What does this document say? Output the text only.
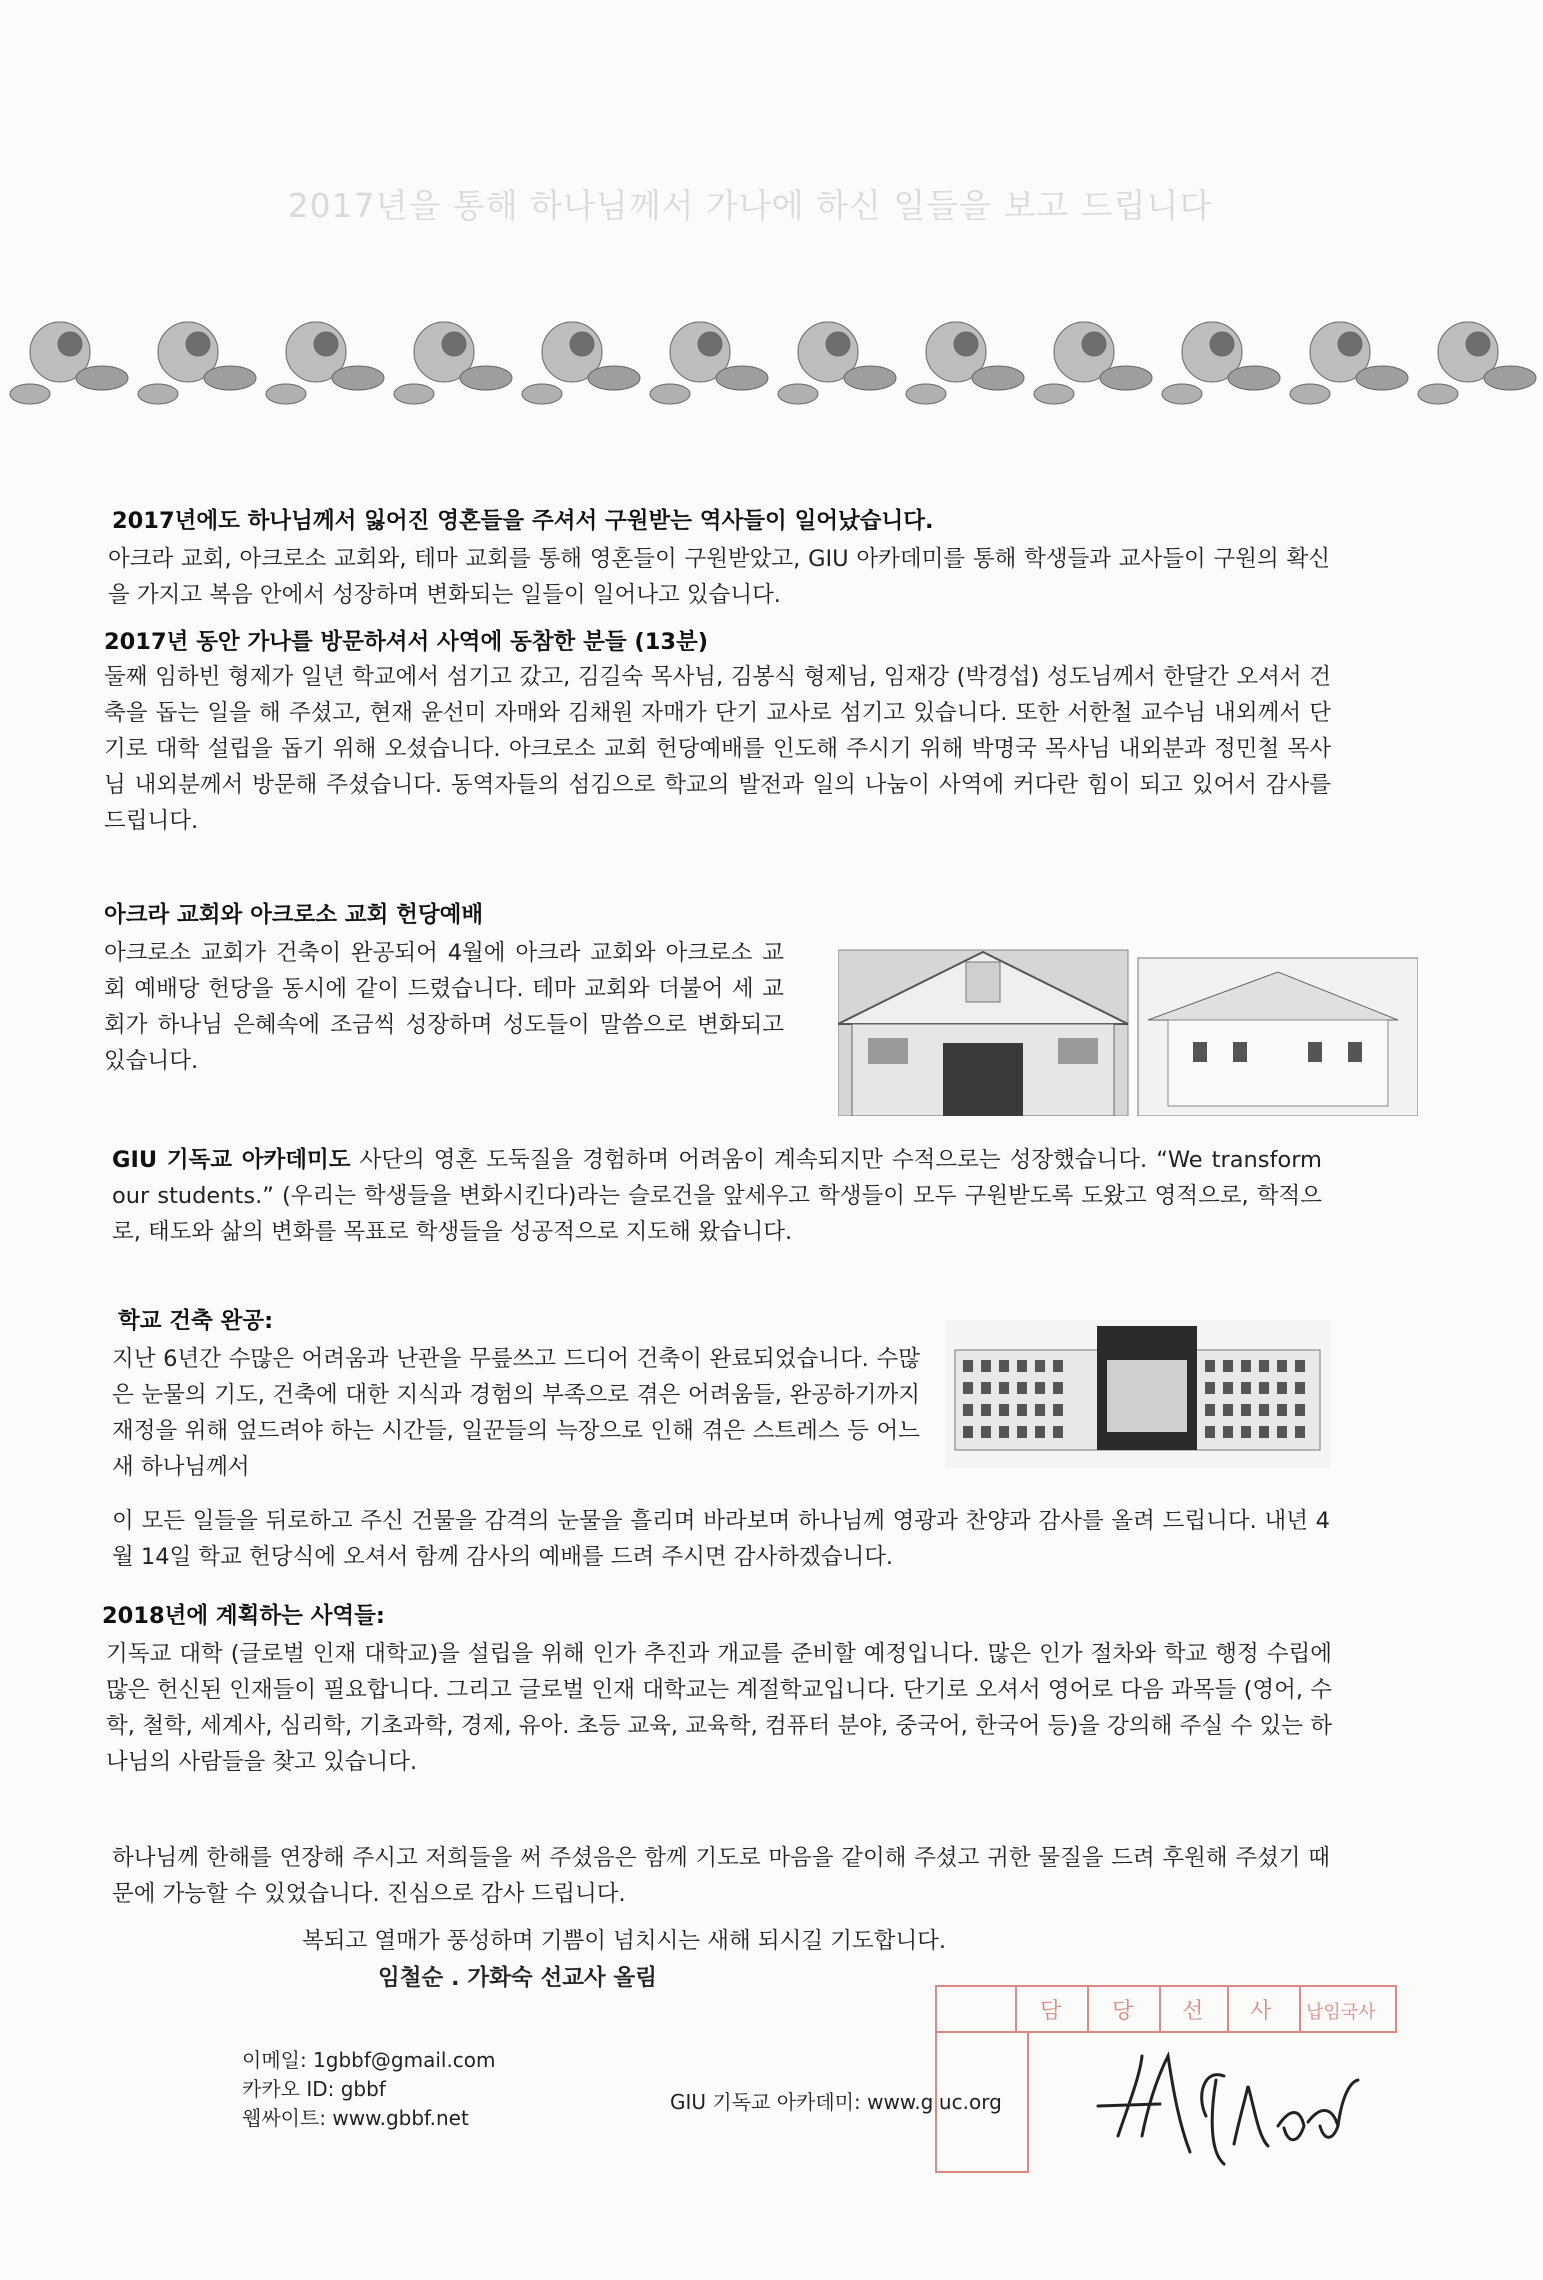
2017년을 통해 하나님께서 가나에 하신 일들을 보고 드립니다
2017년에도 하나님께서 잃어진 영혼들을 주셔서 구원받는 역사들이 일어났습니다.
아크라 교회, 아크로소 교회와, 테마 교회를 통해 영혼들이 구원받았고, GIU 아카데미를 통해 학생들과 교사들이 구원의 확신을 가지고 복음 안에서 성장하며 변화되는 일들이 일어나고 있습니다.
2017년 동안 가나를 방문하셔서 사역에 동참한 분들 (13분)
둘째 임하빈 형제가 일년 학교에서 섬기고 갔고, 김길숙 목사님, 김봉식 형제님, 임재강 (박경섭) 성도님께서 한달간 오셔서 건축을 돕는 일을 해 주셨고, 현재 윤선미 자매와 김채원 자매가 단기 교사로 섬기고 있습니다. 또한 서한철 교수님 내외께서 단기로 대학 설립을 돕기 위해 오셨습니다. 아크로소 교회 헌당예배를 인도해 주시기 위해 박명국 목사님 내외분과 정민철 목사님 내외분께서 방문해 주셨습니다. 동역자들의 섬김으로 학교의 발전과 일의 나눔이 사역에 커다란 힘이 되고 있어서 감사를 드립니다.
아크라 교회와 아크로소 교회 헌당예배
아크로소 교회가 건축이 완공되어 4월에 아크라 교회와 아크로소 교회 예배당 헌당을 동시에 같이 드렸습니다. 테마 교회와 더불어 세 교회가 하나님 은혜속에 조금씩 성장하며 성도들이 말씀으로 변화되고 있습니다.
GIU 기독교 아카데미도 사단의 영혼 도둑질을 경험하며 어려움이 계속되지만 수적으로는 성장했습니다. “We transform our students.” (우리는 학생들을 변화시킨다)라는 슬로건을 앞세우고 학생들이 모두 구원받도록 도왔고 영적으로, 학적으로, 태도와 삶의 변화를 목표로 학생들을 성공적으로 지도해 왔습니다.
학교 건축 완공:
지난 6년간 수많은 어려움과 난관을 무릎쓰고 드디어 건축이 완료되었습니다. 수많은 눈물의 기도, 건축에 대한 지식과 경험의 부족으로 겪은 어려움들, 완공하기까지 재정을 위해 엎드려야 하는 시간들, 일꾼들의 늑장으로 인해 겪은 스트레스 등 어느새 하나님께서
이 모든 일들을 뒤로하고 주신 건물을 감격의 눈물을 흘리며 바라보며 하나님께 영광과 찬양과 감사를 올려 드립니다. 내년 4월 14일 학교 헌당식에 오셔서 함께 감사의 예배를 드려 주시면 감사하겠습니다.
2018년에 계획하는 사역들:
기독교 대학 (글로벌 인재 대학교)을 설립을 위해 인가 추진과 개교를 준비할 예정입니다. 많은 인가 절차와 학교 행정 수립에 많은 헌신된 인재들이 필요합니다. 그리고 글로벌 인재 대학교는 계절학교입니다. 단기로 오셔서 영어로 다음 과목들 (영어, 수학, 철학, 세계사, 심리학, 기초과학, 경제, 유아. 초등 교육, 교육학, 컴퓨터 분야, 중국어, 한국어 등)을 강의해 주실 수 있는 하나님의 사람들을 찾고 있습니다.
하나님께 한해를 연장해 주시고 저희들을 써 주셨음은 함께 기도로 마음을 같이해 주셨고 귀한 물질을 드려 후원해 주셨기 때문에 가능할 수 있었습니다. 진심으로 감사 드립니다.
복되고 열매가 풍성하며 기쁨이 넘치시는 새해 되시길 기도합니다.
임철순 . 가화숙 선교사 올림
이메일: 1gbbf@gmail.com
카카오 ID: gbbf
웹싸이트: www.gbbf.net
GIU 기독교 아카데미: www.giuc.org
담 당 선 사 납임국사
